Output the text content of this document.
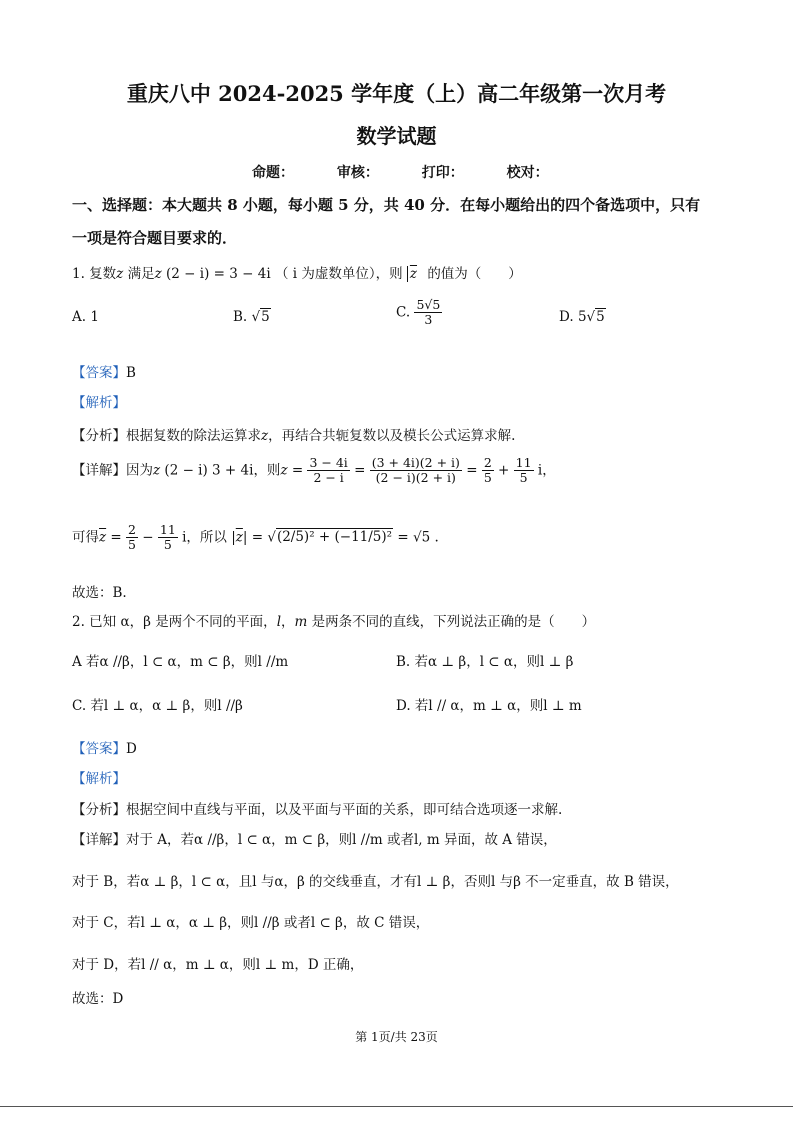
重庆八中 2024-2025 学年度（上）高二年级第一次月考
数学试题
命题：	审核：	打印：	校对：
一、选择题：本大题共 8 小题，每小题 5 分，共 40 分．在每小题给出的四个备选项中，只有
一项是符合题目要求的．
1. 复数z 满足z (2 − i) = 3 − 4i （ i 为虚数单位），则 $\overline{z}$ 的值为（　　）
A. 1	B. √5	C. $\frac{5√5}{3}$	D. 5√5
【答案】B
【解析】
【分析】根据复数的除法运算求z，再结合共轭复数以及模长公式运算求解.
【详解】因为z (2 − i) 3 + 4i，则$z = \frac{3 - 4i}{2 - i} = \frac{(3 + 4i)(2 + i)}{(2 - i)(2 + i)} = \frac{2}{5} + \frac{11}{5}$ i，
可得$\overline{z} = \frac{2}{5} - \frac{11}{5}$ i，所以 $|\overline{z}| = √(2/5)^2 + (-11/5)^2 = √5$ .
故选：B.
2. 已知 α，β 是两个不同的平面，l，m 是两条不同的直线，下列说法正确的是（　　）
A 若α //β，l ⊂ α，m ⊂ β，则l //m	B. 若α ⊥ β，l ⊂ α，则l ⊥ β
C. 若l ⊥ α，α ⊥ β，则l //β	D. 若l // α，m ⊥ α，则l ⊥ m
【答案】D
【解析】
【分析】根据空间中直线与平面，以及平面与平面的关系，即可结合选项逐一求解.
【详解】对于 A，若α //β，l ⊂ α，m ⊂ β，则l //m 或者l, m 异面，故 A 错误，
对于 B，若α ⊥ β，l ⊂ α，且l 与α，β 的交线垂直，才有l ⊥ β，否则l 与β 不一定垂直，故 B 错误，
对于 C，若l ⊥ α，α ⊥ β，则l //β 或者l ⊂ β，故 C 错误，
对于 D，若l // α，m ⊥ α，则l ⊥ m，D 正确，
故选：D
第 1页/共 23页
